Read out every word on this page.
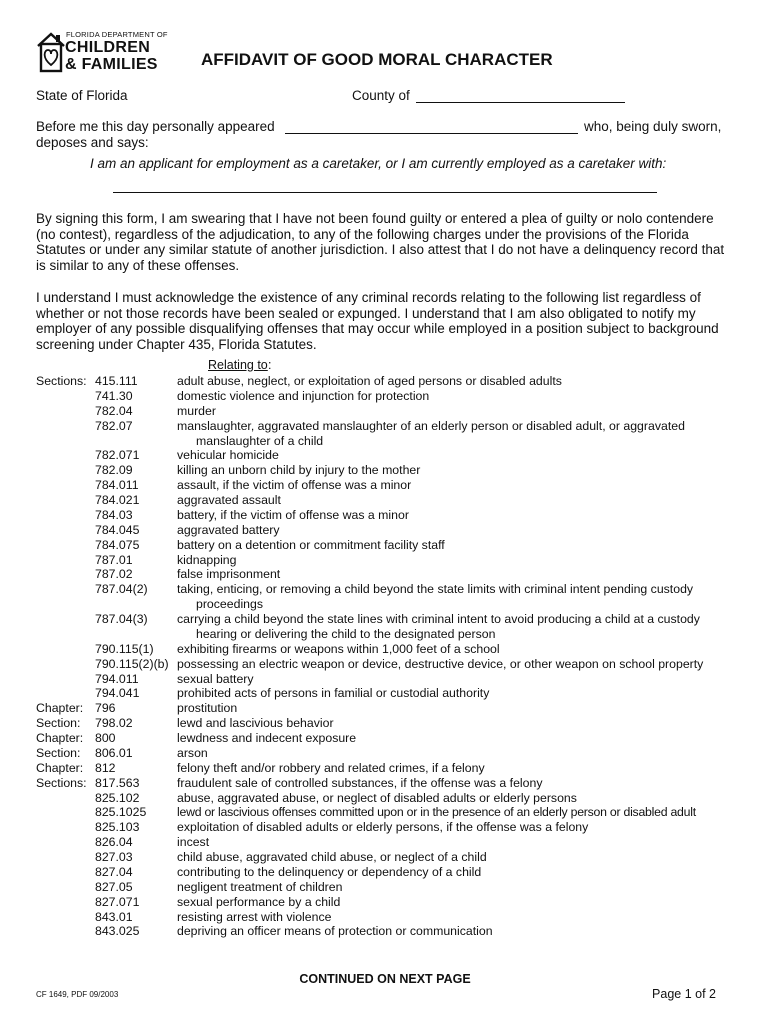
FLORIDA DEPARTMENT OF
CHILDREN
& FAMILIES	AFFIDAVIT OF GOOD MORAL CHARACTER
State of Florida	County of
Before me this day personally appeared	who, being duly sworn,
deposes and says:
I am an applicant for employment as a caretaker, or I am currently employed as a caretaker with:

By signing this form, I am swearing that I have not been found guilty or entered a plea of guilty or nolo contendere (no contest), regardless of the adjudication, to any of the following charges under the provisions of the Florida Statutes or under any similar statute of another jurisdiction. I also attest that I do not have a delinquency record that is similar to any of these offenses.

I understand I must acknowledge the existence of any criminal records relating to the following list regardless of whether or not those records have been sealed or expunged. I understand that I am also obligated to notify my employer of any possible disqualifying offenses that may occur while employed in a position subject to background screening under Chapter 435, Florida Statutes.

Relating to :
Sections: 415.111	adult abuse, neglect, or exploitation of aged persons or disabled adults
741.30	domestic violence and injunction for protection
782.04	murder
782.07	manslaughter, aggravated manslaughter of an elderly person or disabled adult, or aggravated
manslaughter of a child
782.071	vehicular homicide
782.09	killing an unborn child by injury to the mother
784.011	assault, if the victim of offense was a minor
784.021	aggravated assault
784.03	battery, if the victim of offense was a minor
784.045	aggravated battery
784.075	battery on a detention or commitment facility staff
787.01	kidnapping
787.02	false imprisonment
787.04(2)	taking, enticing, or removing a child beyond the state limits with criminal intent pending custody
proceedings
787.04(3)	carrying a child beyond the state lines with criminal intent to avoid producing a child at a custody
hearing or delivering the child to the designated person
790.115(1)	exhibiting firearms or weapons within 1,000 feet of a school
790.115(2)(b) possessing an electric weapon or device, destructive device, or other weapon on school property
794.011	sexual battery
794.041	prohibited acts of persons in familial or custodial authority
Chapter: 796	prostitution
Section:	798.02	lewd and lascivious behavior
Chapter: 800	lewdness and indecent exposure
Section:	806.01	arson
Chapter: 812	felony theft and/or robbery and related crimes, if a felony
Sections: 817.563	fraudulent sale of controlled substances, if the offense was a felony
825.102	abuse, aggravated abuse, or neglect of disabled adults or elderly persons
825.1025	lewd or lascivious offenses committed upon or in the presence of an elderly person or disabled adult
825.103	exploitation of disabled adults or elderly persons, if the offense was a felony
826.04	incest
827.03	child abuse, aggravated child abuse, or neglect of a child
827.04	contributing to the delinquency or dependency of a child
827.05	negligent treatment of children
827.071	sexual performance by a child
843.01	resisting arrest with violence
843.025	depriving an officer means of protection or communication
CONTINUED ON NEXT PAGE
CF 1649, PDF 09/2003	Page 1 of 2
